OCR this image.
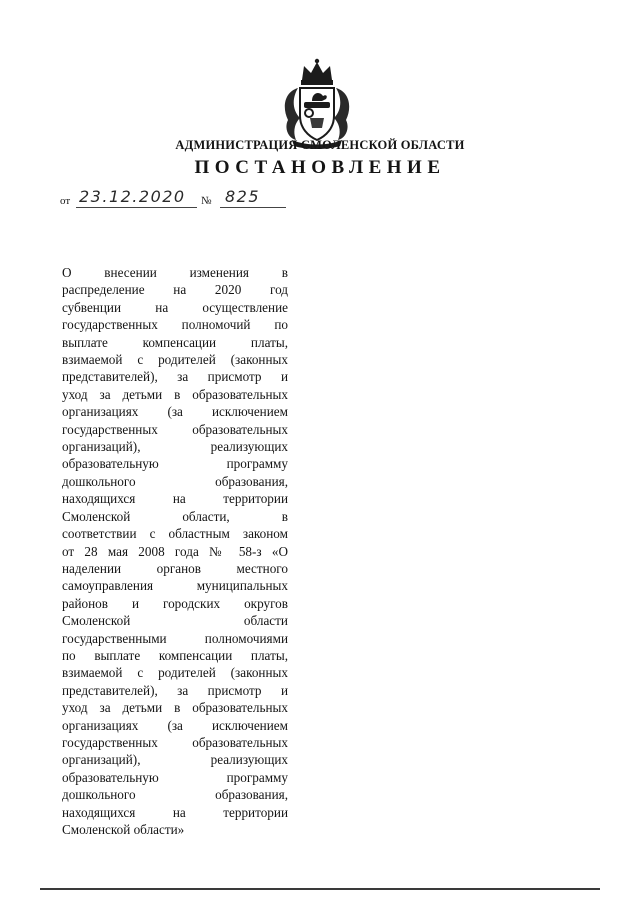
АДМИНИСТРАЦИЯ СМОЛЕНСКОЙ ОБЛАСТИ
ПОСТАНОВЛЕНИЕ
от 23.12.2020 № 825
О внесении изменения в
распределение на 2020 год
субвенции на осуществление
государственных полномочий по
выплате компенсации платы,
взимаемой с родителей (законных
представителей), за присмотр и
уход за детьми в образовательных
организациях (за исключением
государственных образовательных
организаций), реализующих
образовательную программу
дошкольного образования,
находящихся на территории
Смоленской области, в
соответствии с областным законом
от 28 мая 2008 года № 58-з «О
наделении органов местного
самоуправления муниципальных
районов и городских округов
Смоленской области
государственными полномочиями
по выплате компенсации платы,
взимаемой с родителей (законных
представителей), за присмотр и
уход за детьми в образовательных
организациях (за исключением
государственных образовательных
организаций), реализующих
образовательную программу
дошкольного образования,
находящихся на территории
Смоленской области»
